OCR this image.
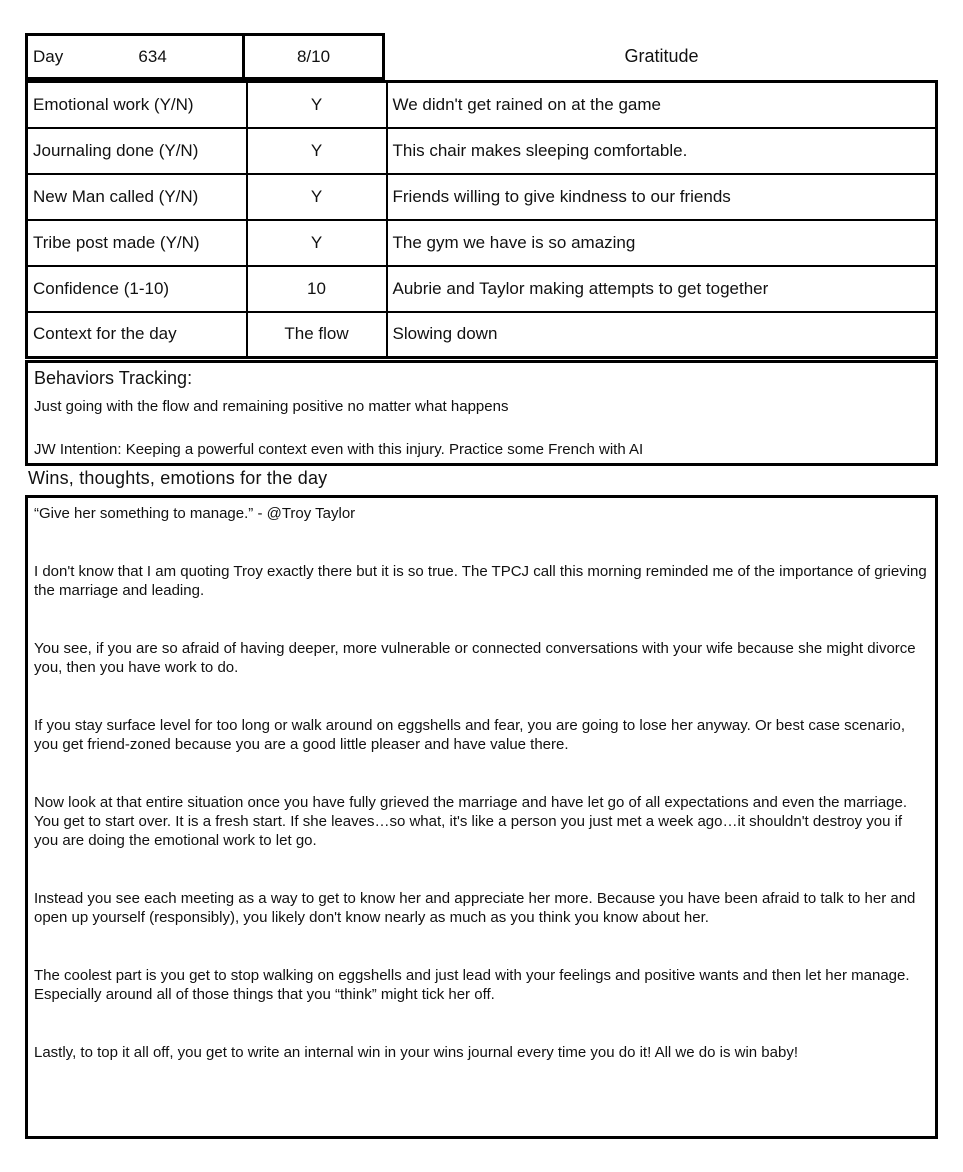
Day	634	8/10	Gratitude
Emotional work (Y/N)	Y	We didn't get rained on at the game
Journaling done (Y/N)	Y	This chair makes sleeping comfortable.
New Man called (Y/N)	Y	Friends willing to give kindness to our friends
Tribe post made (Y/N)	Y	The gym we have is so amazing
Confidence (1-10)	10	Aubrie and Taylor making attempts to get together
Context for the day	The flow	Slowing down
Behaviors Tracking:
Just going with the flow and remaining positive no matter what happens
JW Intention: Keeping a powerful context even with this injury. Practice some French with AI
Wins, thoughts, emotions for the day

“Give her something to manage.” - @Troy Taylor

I don't know that I am quoting Troy exactly there but it is so true. The TPCJ call this morning reminded me of the importance of grieving the marriage and leading.

You see, if you are so afraid of having deeper, more vulnerable or connected conversations with your wife because she might divorce you, then you have work to do.

If you stay surface level for too long or walk around on eggshells and fear, you are going to lose her anyway. Or best case scenario, you get friend-zoned because you are a good little pleaser and have value there.

Now look at that entire situation once you have fully grieved the marriage and have let go of all expectations and even the marriage. You get to start over. It is a fresh start. If she leaves…so what, it's like a person you just met a week ago…it shouldn't destroy you if you are doing the emotional work to let go.

Instead you see each meeting as a way to get to know her and appreciate her more. Because you have been afraid to talk to her and open up yourself (responsibly), you likely don't know nearly as much as you think you know about her.

The coolest part is you get to stop walking on eggshells and just lead with your feelings and positive wants and then let her manage. Especially around all of those things that you “think” might tick her off.

Lastly, to top it all off, you get to write an internal win in your wins journal every time you do it! All we do is win baby!
